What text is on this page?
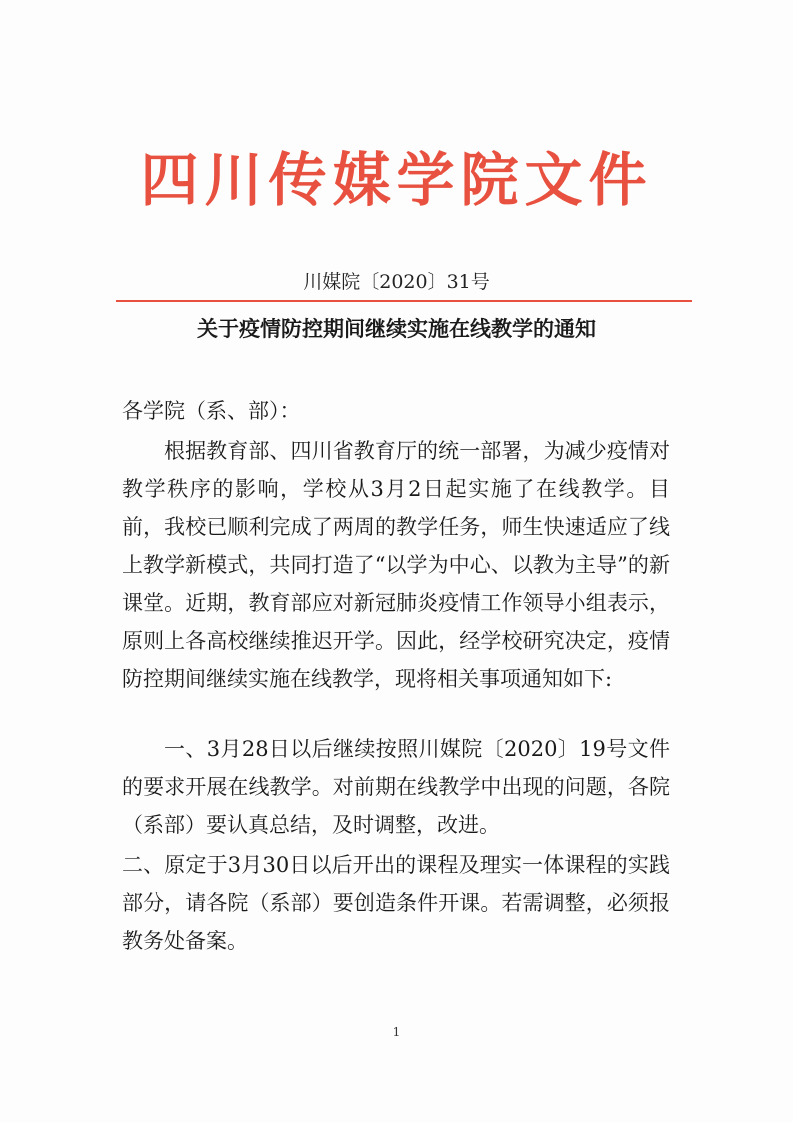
四川传媒学院文件
川媒院〔2020〕31号
关于疫情防控期间继续实施在线教学的通知
各学院（系、部）：
根据教育部、四川省教育厅的统一部署，为减少疫情对教学秩序的影响，学校从3月2日起实施了在线教学。目前，我校已顺利完成了两周的教学任务，师生快速适应了线上教学新模式，共同打造了“以学为中心、以教为主导”的新课堂。近期，教育部应对新冠肺炎疫情工作领导小组表示，原则上各高校继续推迟开学。因此，经学校研究决定，疫情防控期间继续实施在线教学，现将相关事项通知如下:
一、3月28日以后继续按照川媒院〔2020〕19号文件的要求开展在线教学。对前期在线教学中出现的问题，各院（系部）要认真总结，及时调整，改进。
二、原定于3月30日以后开出的课程及理实一体课程的实践部分，请各院（系部）要创造条件开课。若需调整，必须报教务处备案。
1
